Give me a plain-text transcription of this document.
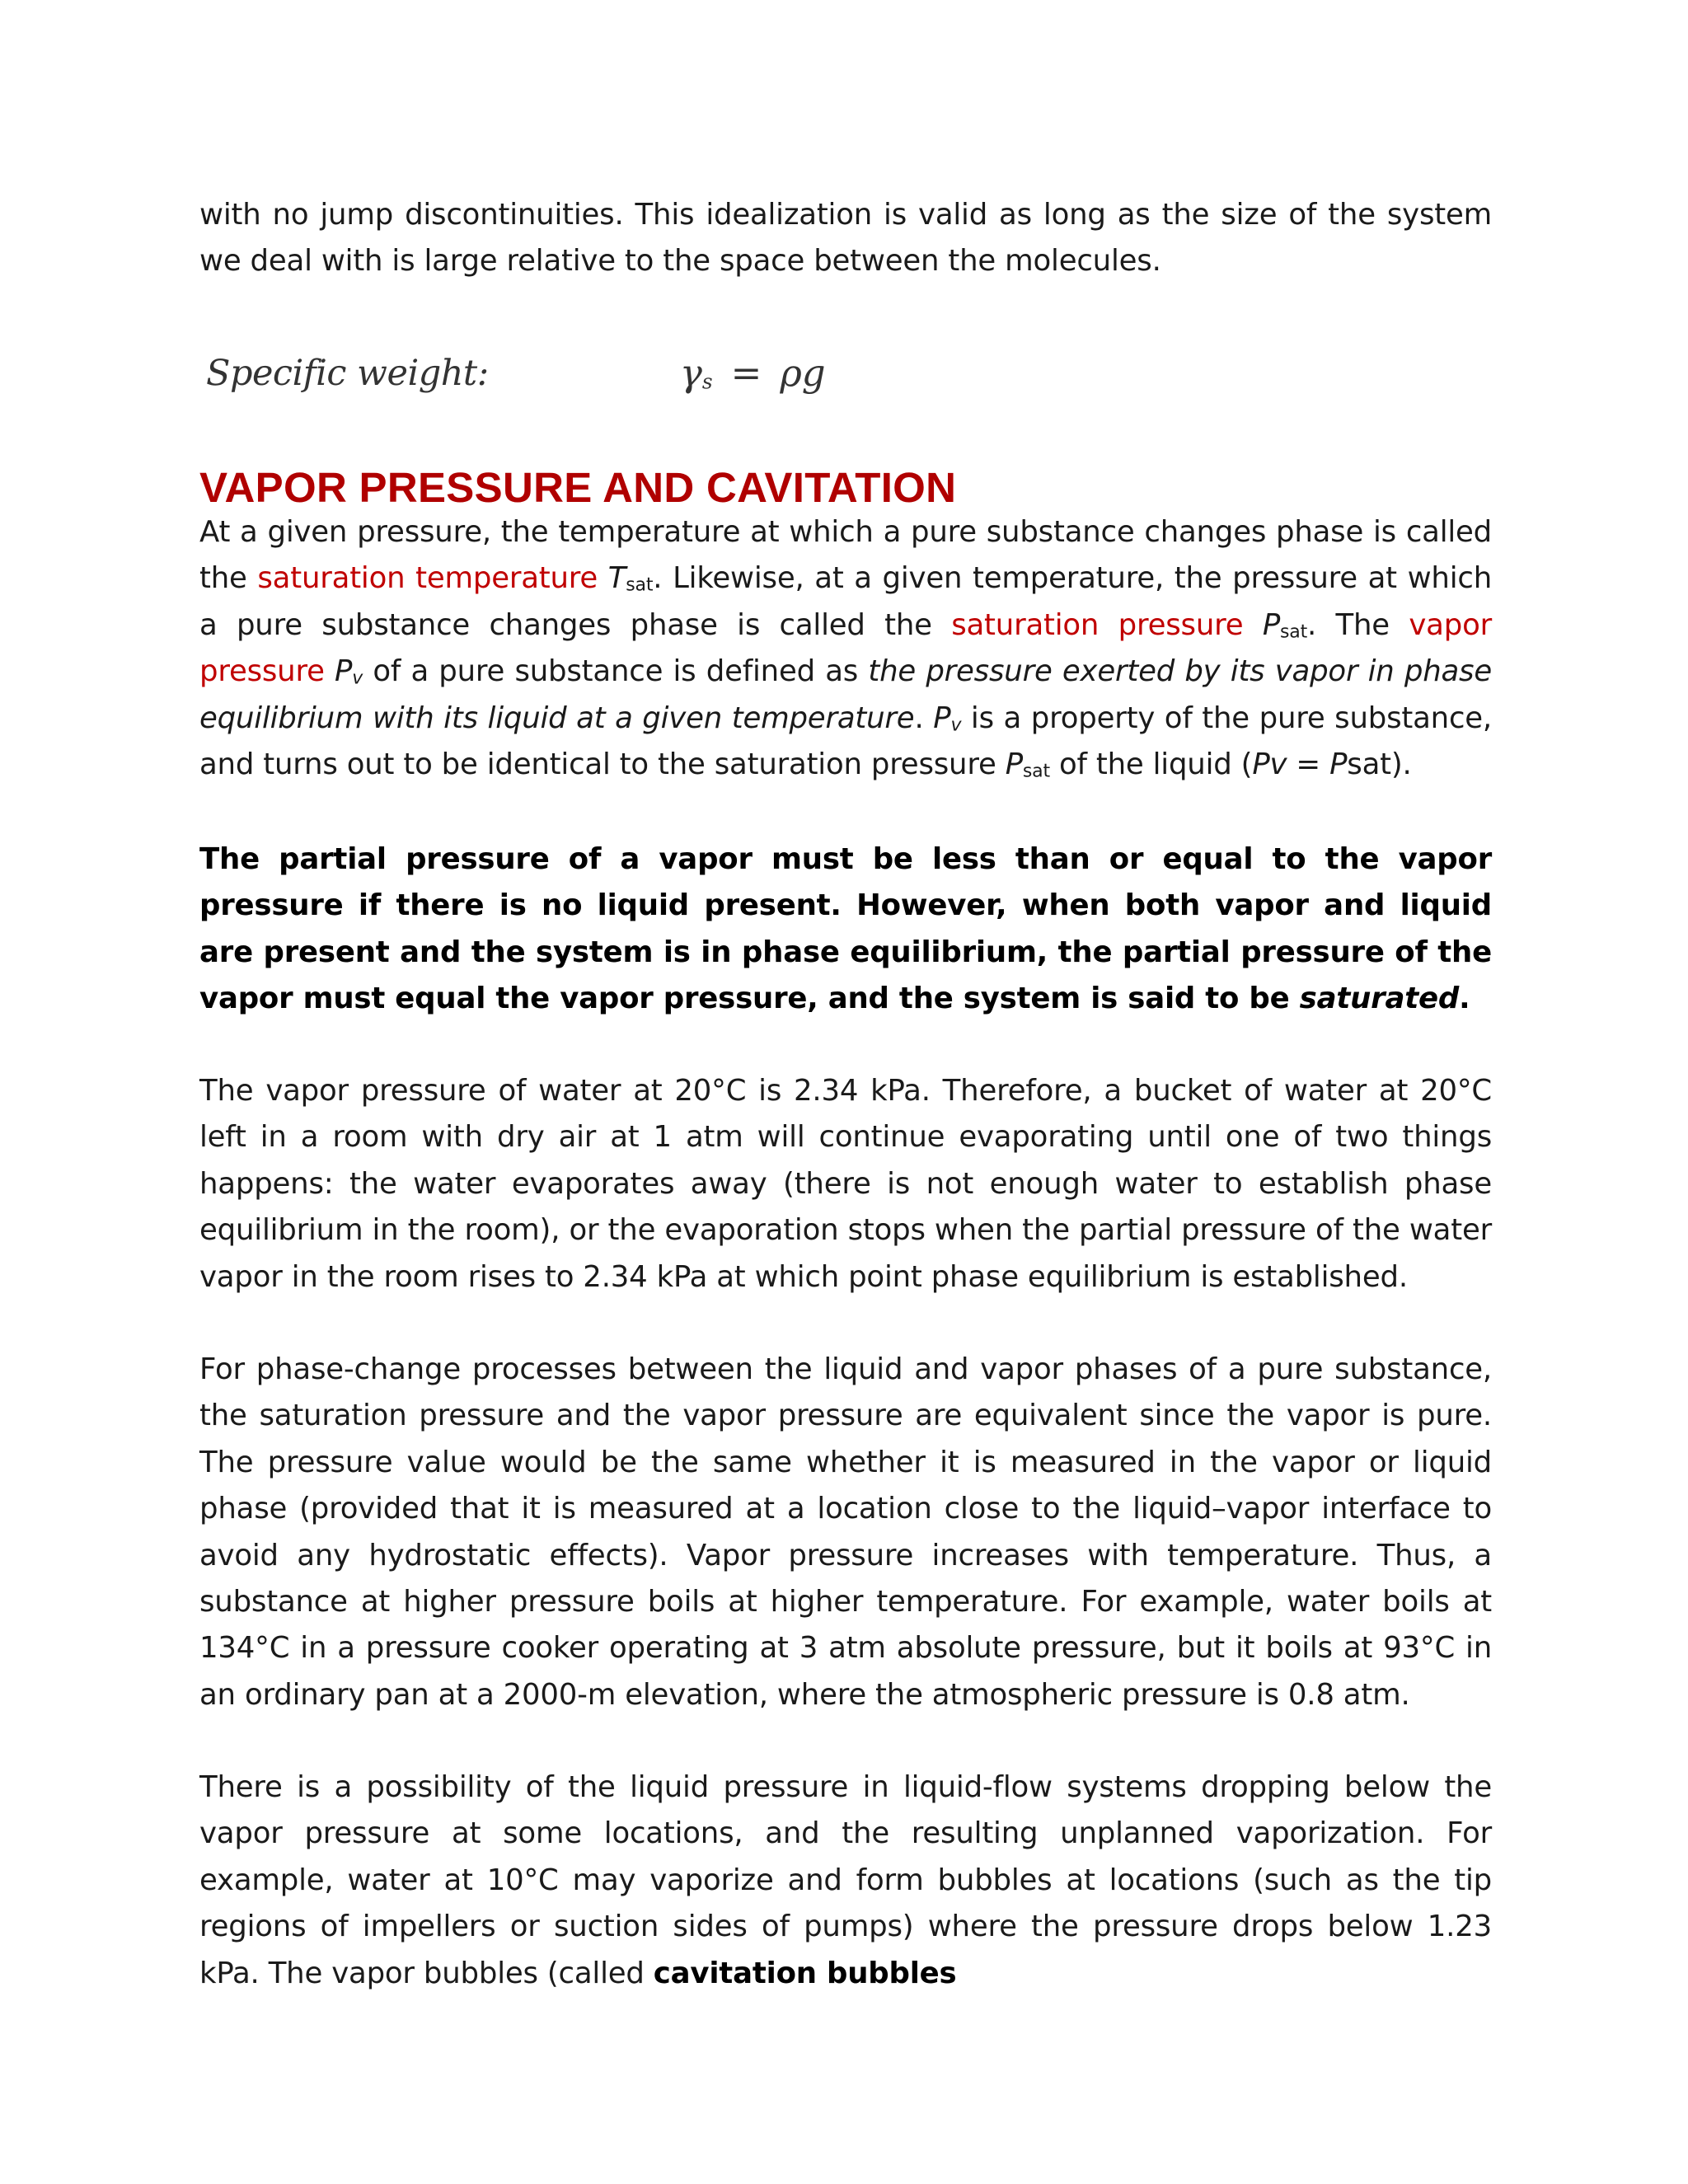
with no jump discontinuities. This idealization is valid as long as the size of the system we deal with is large relative to the space between the molecules.

Specific weight:	$\gamma_s = \rho g$
VAPOR PRESSURE AND CAVITATION

At a given pressure, the temperature at which a pure substance changes phase is called the saturation temperature $T_{sat}$. Likewise, at a given temperature, the pressure at which a pure substance changes phase is called the saturation pressure $P_{sat}$. The vapor pressure $P_v$ of a pure substance is defined as the pressure exerted by its vapor in phase equilibrium with its liquid at a given temperature. $P_v$ is a property of the pure substance, and turns out to be identical to the saturation pressure $P_{sat}$ of the liquid (Pv = Psat).

The partial pressure of a vapor must be less than or equal to the vapor pressure if there is no liquid present. However, when both vapor and liquid are present and the system is in phase equilibrium, the partial pressure of the vapor must equal the vapor pressure, and the system is said to be saturated.

The vapor pressure of water at 20°C is 2.34 kPa. Therefore, a bucket of water at 20°C left in a room with dry air at 1 atm will continue evaporating until one of two things happens: the water evaporates away (there is not enough water to establish phase equilibrium in the room), or the evaporation stops when the partial pressure of the water vapor in the room rises to 2.34 kPa at which point phase equilibrium is established.

For phase-change processes between the liquid and vapor phases of a pure substance, the saturation pressure and the vapor pressure are equivalent since the vapor is pure. The pressure value would be the same whether it is measured in the vapor or liquid phase (provided that it is measured at a location close to the liquid–vapor interface to avoid any hydrostatic effects). Vapor pressure increases with temperature. Thus, a substance at higher pressure boils at higher temperature. For example, water boils at 134°C in a pressure cooker operating at 3 atm absolute pressure, but it boils at 93°C in an ordinary pan at a 2000-m elevation, where the atmospheric pressure is 0.8 atm.

There is a possibility of the liquid pressure in liquid-flow systems dropping below the vapor pressure at some locations, and the resulting unplanned vaporization. For example, water at 10°C may vaporize and form bubbles at locations (such as the tip regions of impellers or suction sides of pumps) where the pressure drops below 1.23 kPa. The vapor bubbles (called cavitation bubbles
